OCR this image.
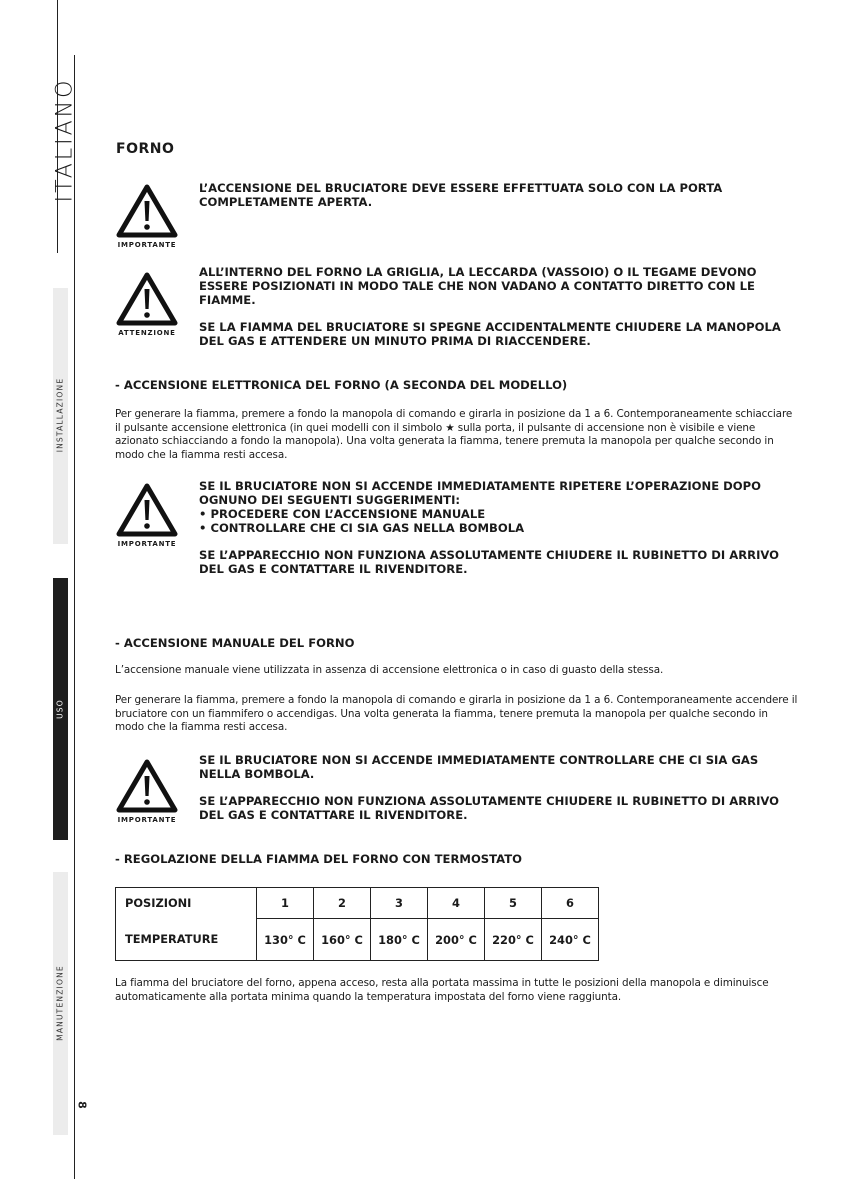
ITALIANO
INSTALLAZIONE
USO
MANUTENZIONE
8
FORNO
IMPORTANTE

L’ACCENSIONE DEL BRUCIATORE DEVE ESSERE EFFETTUATA SOLO CON LA PORTA COMPLETAMENTE APERTA.

ATTENZIONE

ALL’INTERNO DEL FORNO LA GRIGLIA, LA LECCARDA (VASSOIO) O IL TEGAME DEVONO ESSERE POSIZIONATI IN MODO TALE CHE NON VADANO A CONTATTO DIRETTO CON LE FIAMME.

SE LA FIAMMA DEL BRUCIATORE SI SPEGNE ACCIDENTALMENTE CHIUDERE LA MANOPOLA DEL GAS E ATTENDERE UN MINUTO PRIMA DI RIACCENDERE.

- ACCENSIONE ELETTRONICA DEL FORNO (A SECONDA DEL MODELLO)

Per generare la fiamma, premere a fondo la manopola di comando e girarla in posizione da 1 a 6. Contemporaneamente schiacciare il pulsante accensione elettronica (in quei modelli con il simbolo ★ sulla porta, il pulsante di accensione non è visibile e viene azionato schiacciando a fondo la manopola). Una volta generata la fiamma, tenere premuta la manopola per qualche secondo in modo che la fiamma resti accesa.

IMPORTANTE

SE IL BRUCIATORE NON SI ACCENDE IMMEDIATAMENTE RIPETERE L’OPERAZIONE DOPO OGNUNO DEI SEGUENTI SUGGERIMENTI:

• PROCEDERE CON L’ACCENSIONE MANUALE

• CONTROLLARE CHE CI SIA GAS NELLA BOMBOLA

SE L’APPARECCHIO NON FUNZIONA ASSOLUTAMENTE CHIUDERE IL RUBINETTO DI ARRIVO DEL GAS E CONTATTARE IL RIVENDITORE.

- ACCENSIONE MANUALE DEL FORNO

L’accensione manuale viene utilizzata in assenza di accensione elettronica o in caso di guasto della stessa.

Per generare la fiamma, premere a fondo la manopola di comando e girarla in posizione da 1 a 6. Contemporaneamente accendere il bruciatore con un fiammifero o accendigas. Una volta generata la fiamma, tenere premuta la manopola per qualche secondo in modo che la fiamma resti accesa.

IMPORTANTE

SE IL BRUCIATORE NON SI ACCENDE IMMEDIATAMENTE CONTROLLARE CHE CI SIA GAS NELLA BOMBOLA.

SE L’APPARECCHIO NON FUNZIONA ASSOLUTAMENTE CHIUDERE IL RUBINETTO DI ARRIVO DEL GAS E CONTATTARE IL RIVENDITORE.

- REGOLAZIONE DELLA FIAMMA DEL FORNO CON TERMOSTATO
POSIZIONI	1	2	3	4	5	6
TEMPERATURE	130° C	160° C	180° C	200° C	220° C	240° C

La fiamma del bruciatore del forno, appena acceso, resta alla portata massima in tutte le posizioni della manopola e diminuisce automaticamente alla portata minima quando la temperatura impostata del forno viene raggiunta.
